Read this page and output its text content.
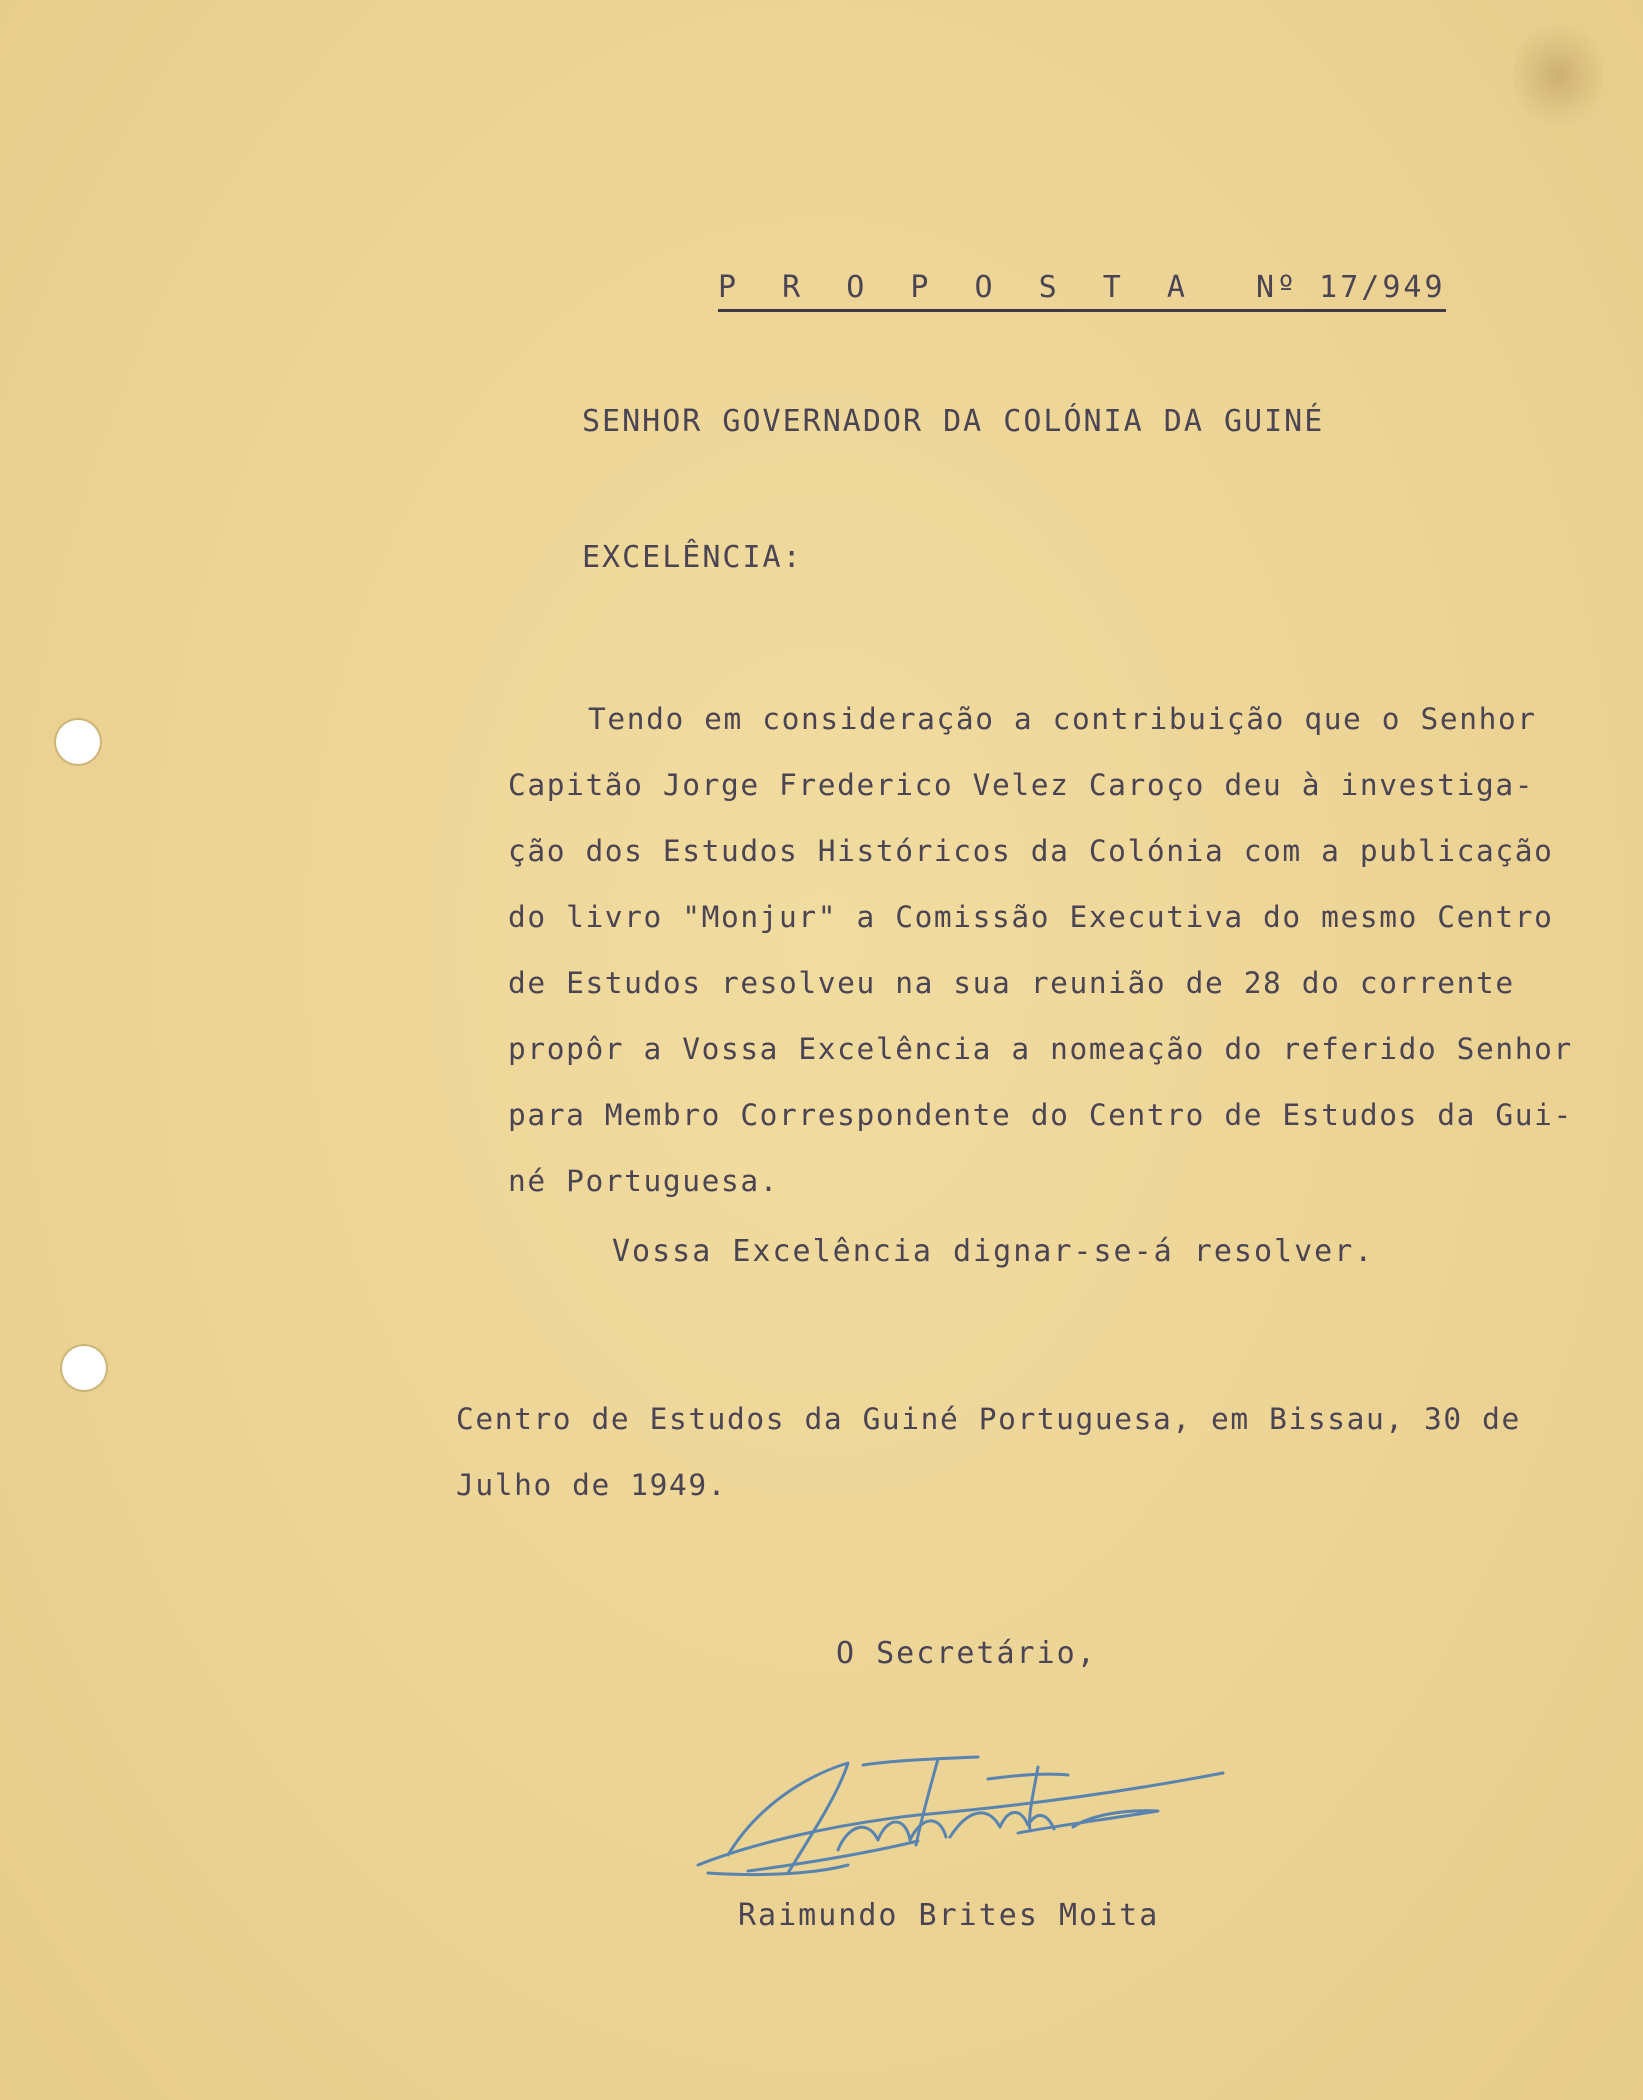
P R O P O S T A Nº 17/949
SENHOR GOVERNADOR DA COLÓNIA DA GUINÉ
EXCELÊNCIA:
Tendo em consideração a contribuição que o Senhor
Capitão Jorge Frederico Velez Caroço deu à investiga-
ção dos Estudos Históricos da Colónia com a publicação
do livro "Monjur" a Comissão Executiva do mesmo Centro
de Estudos resolveu na sua reunião de 28 do corrente
propôr a Vossa Excelência a nomeação do referido Senhor
para Membro Correspondente do Centro de Estudos da Gui-
né Portuguesa.
Vossa Excelência dignar-se-á resolver.
Centro de Estudos da Guiné Portuguesa, em Bissau, 30 de
Julho de 1949.
O Secretário,
Raimundo Brites Moita
